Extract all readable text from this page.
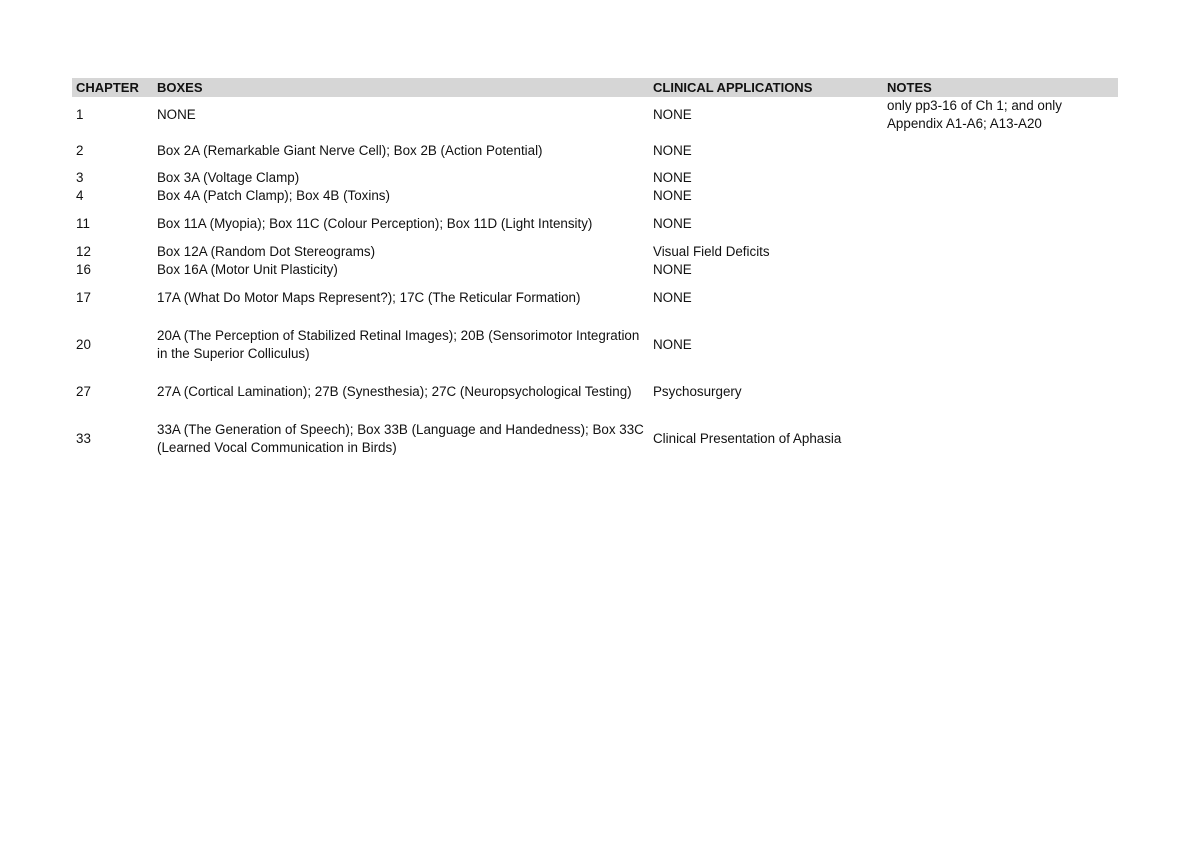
CHAPTER	BOXES	CLINICAL APPLICATIONS	NOTES
1	NONE	NONE	only pp3-16 of Ch 1; and only Appendix A1-A6; A13-A20
2	Box 2A (Remarkable Giant Nerve Cell); Box 2B (Action Potential)	NONE	
3	Box 3A (Voltage Clamp)	NONE	
4	Box 4A (Patch Clamp); Box 4B (Toxins)	NONE	
11	Box 11A (Myopia); Box 11C (Colour Perception); Box 11D (Light Intensity)	NONE	
12	Box 12A (Random Dot Stereograms)	Visual Field Deficits	
16	Box 16A (Motor Unit Plasticity)	NONE	
17	17A (What Do Motor Maps Represent?); 17C (The Reticular Formation)	NONE	
20	20A (The Perception of Stabilized Retinal Images); 20B (Sensorimotor Integration in the Superior Colliculus)	NONE	
27	27A (Cortical Lamination); 27B (Synesthesia); 27C (Neuropsychological Testing)	Psychosurgery	
33	33A (The Generation of Speech); Box 33B (Language and Handedness); Box 33C (Learned Vocal Communication in Birds)	Clinical Presentation of Aphasia	
